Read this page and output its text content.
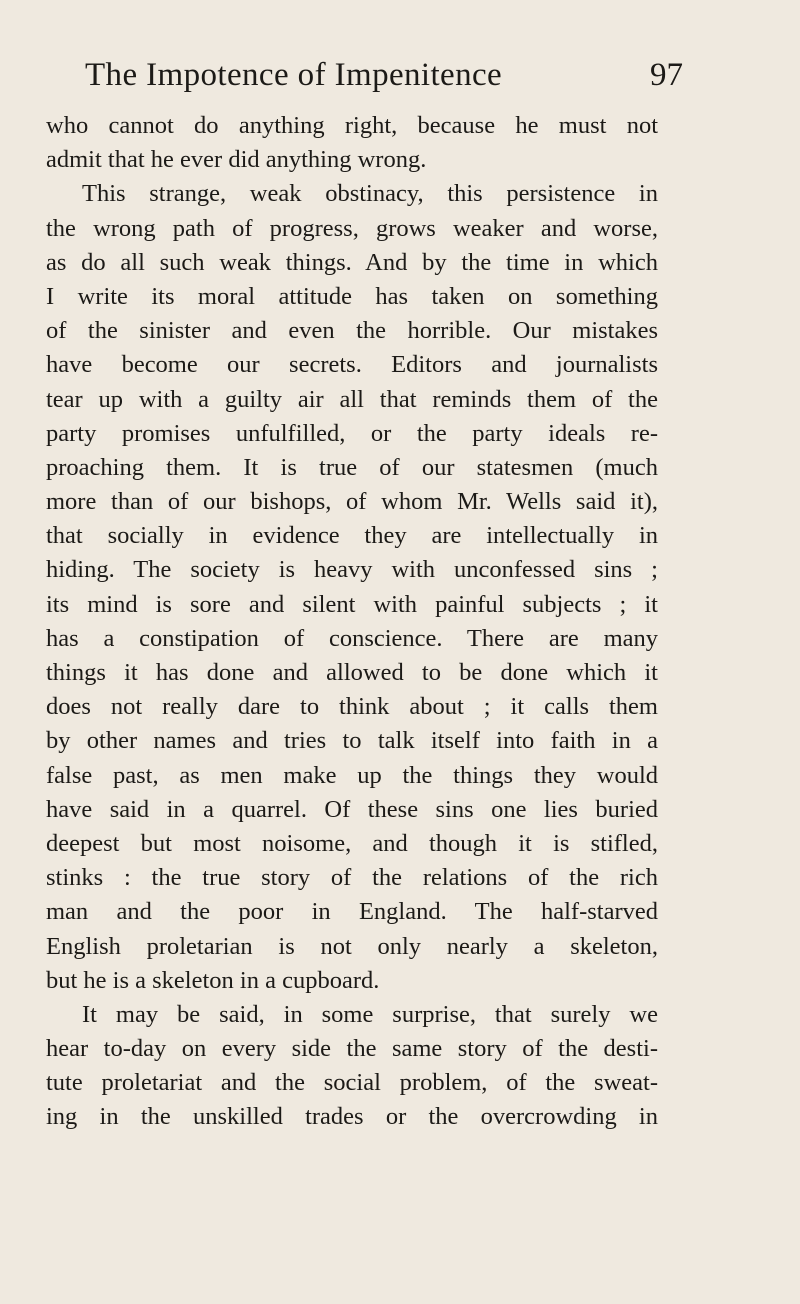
The Impotence of Impenitence	97
who cannot do anything right, because he must not
admit that he ever did anything wrong.
This strange, weak obstinacy, this persistence in
the wrong path of progress, grows weaker and worse,
as do all such weak things. And by the time in which
I write its moral attitude has taken on something
of the sinister and even the horrible. Our mistakes
have become our secrets. Editors and journalists
tear up with a guilty air all that reminds them of the
party promises unfulfilled, or the party ideals re-
proaching them. It is true of our statesmen (much
more than of our bishops, of whom Mr. Wells said it),
that socially in evidence they are intellectually in
hiding. The society is heavy with unconfessed sins ;
its mind is sore and silent with painful subjects ; it
has a constipation of conscience. There are many
things it has done and allowed to be done which it
does not really dare to think about ; it calls them
by other names and tries to talk itself into faith in a
false past, as men make up the things they would
have said in a quarrel. Of these sins one lies buried
deepest but most noisome, and though it is stifled,
stinks : the true story of the relations of the rich
man and the poor in England. The half-starved
English proletarian is not only nearly a skeleton,
but he is a skeleton in a cupboard.
It may be said, in some surprise, that surely we
hear to-day on every side the same story of the desti-
tute proletariat and the social problem, of the sweat-
ing in the unskilled trades or the overcrowding in
